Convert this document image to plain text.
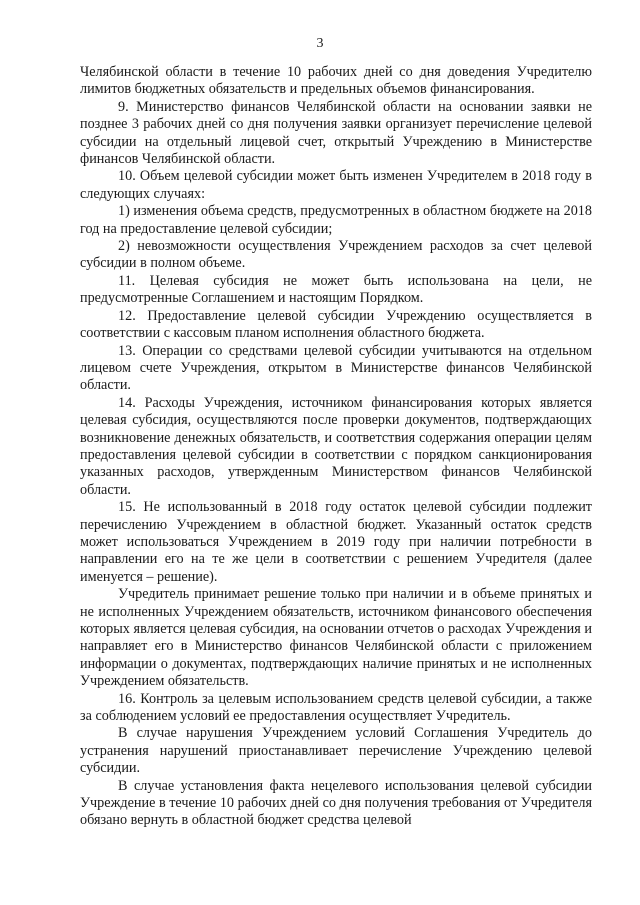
3

Челябинской области в течение 10 рабочих дней со дня доведения Учредителю лимитов бюджетных обязательств и предельных объемов финансирования.

9. Министерство финансов Челябинской области на основании заявки не позднее 3 рабочих дней со дня получения заявки организует перечисление целевой субсидии на отдельный лицевой счет, открытый Учреждению в Министерстве финансов Челябинской области.

10. Объем целевой субсидии может быть изменен Учредителем в 2018 году в следующих случаях:

1) изменения объема средств, предусмотренных в областном бюджете на 2018 год на предоставление целевой субсидии;

2) невозможности осуществления Учреждением расходов за счет целевой субсидии в полном объеме.

11. Целевая субсидия не может быть использована на цели, не предусмотренные Соглашением и настоящим Порядком.

12. Предоставление целевой субсидии Учреждению осуществляется в соответствии с кассовым планом исполнения областного бюджета.

13. Операции со средствами целевой субсидии учитываются на отдельном лицевом счете Учреждения, открытом в Министерстве финансов Челябинской области.

14. Расходы Учреждения, источником финансирования которых является целевая субсидия, осуществляются после проверки документов, подтверждающих возникновение денежных обязательств, и соответствия содержания операции целям предоставления целевой субсидии в соответствии с порядком санкционирования указанных расходов, утвержденным Министерством финансов Челябинской области.

15. Не использованный в 2018 году остаток целевой субсидии подлежит перечислению Учреждением в областной бюджет. Указанный остаток средств может использоваться Учреждением в 2019 году при наличии потребности в направлении его на те же цели в соответствии с решением Учредителя (далее именуется – решение).

Учредитель принимает решение только при наличии и в объеме принятых и не исполненных Учреждением обязательств, источником финансового обеспечения которых является целевая субсидия, на основании отчетов о расходах Учреждения и направляет его в Министерство финансов Челябинской области с приложением информации о документах, подтверждающих наличие принятых и не исполненных Учреждением обязательств.

16. Контроль за целевым использованием средств целевой субсидии, а также за соблюдением условий ее предоставления осуществляет Учредитель.

В случае нарушения Учреждением условий Соглашения Учредитель до устранения нарушений приостанавливает перечисление Учреждению целевой субсидии.

В случае установления факта нецелевого использования целевой субсидии Учреждение в течение 10 рабочих дней со дня получения требования от Учредителя обязано вернуть в областной бюджет средства целевой
